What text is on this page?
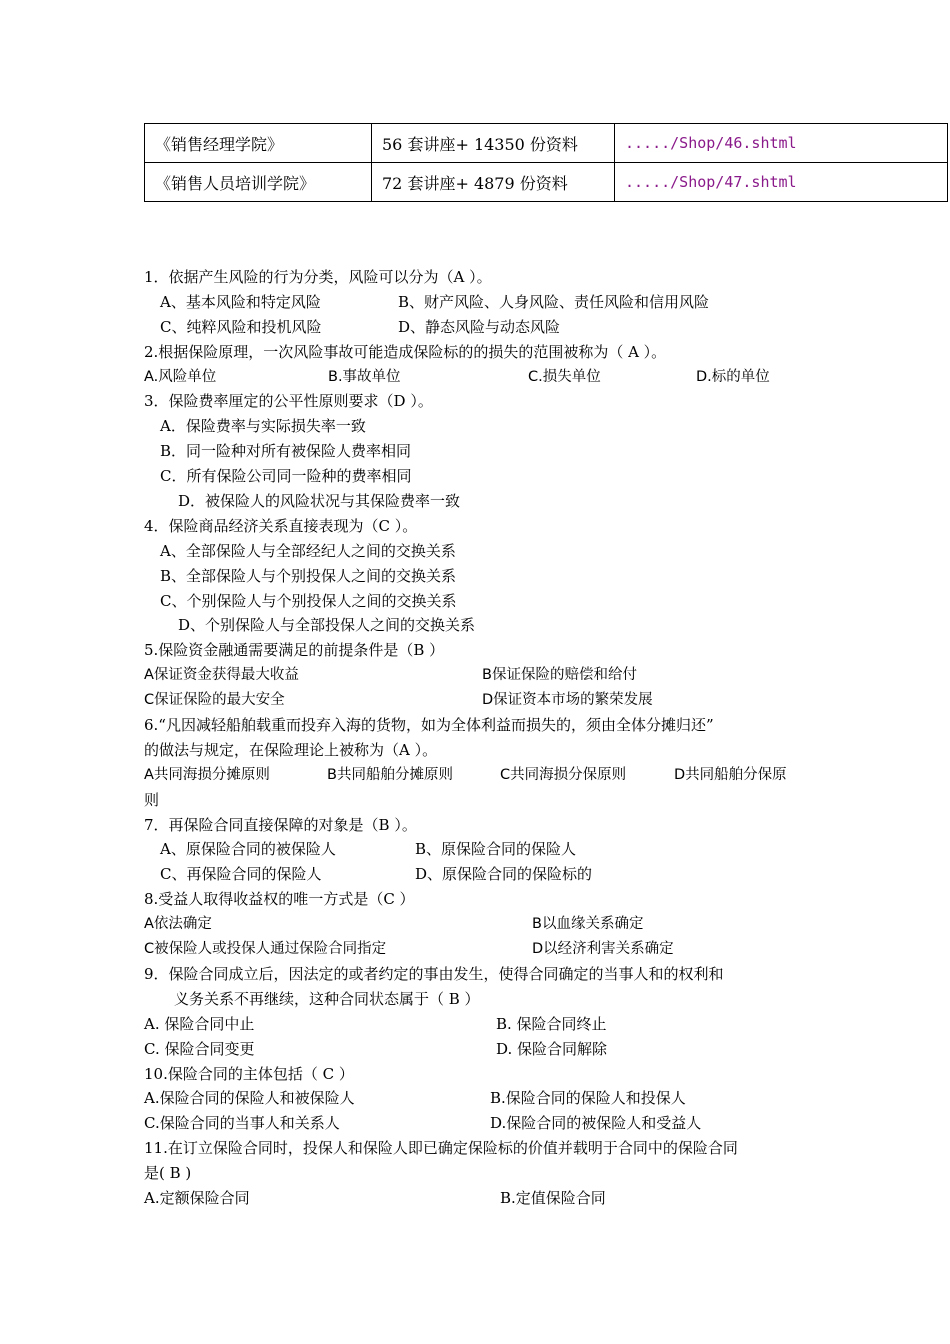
《销售经理学院》	56 套讲座+ 14350 份资料	...../Shop/46.shtml
《销售人员培训学院》	72 套讲座+ 4879 份资料	...../Shop/47.shtml
1．依据产生风险的行为分类，风险可以分为（A ）。
A、基本风险和特定风险	B、财产风险、人身风险、责任风险和信用风险
C、纯粹风险和投机风险	D、静态风险与动态风险
2.根据保险原理，一次风险事故可能造成保险标的的损失的范围被称为（ A ）。
A.风险单位	B.事故单位	C.损失单位	D.标的单位
3．保险费率厘定的公平性原则要求（D ）。
A．保险费率与实际损失率一致
B．同一险种对所有被保险人费率相同
C．所有保险公司同一险种的费率相同
D．被保险人的风险状况与其保险费率一致
4．保险商品经济关系直接表现为（C ）。
A、全部保险人与全部经纪人之间的交换关系
B、全部保险人与个别投保人之间的交换关系
C、个别保险人与个别投保人之间的交换关系
D、个别保险人与全部投保人之间的交换关系
5.保险资金融通需要满足的前提条件是（B ）
A保证资金获得最大收益	B保证保险的赔偿和给付
C保证保险的最大安全	D保证资本市场的繁荣发展
6.“凡因减轻船舶载重而投弃入海的货物，如为全体利益而损失的，须由全体分摊归还”
的做法与规定，在保险理论上被称为（A ）。
A共同海损分摊原则	B共同船舶分摊原则	C共同海损分保原则	D共同船舶分保原
则
7．再保险合同直接保障的对象是（B ）。
A、原保险合同的被保险人	B、原保险合同的保险人
C、再保险合同的保险人	D、原保险合同的保险标的
8.受益人取得收益权的唯一方式是（C ）
A依法确定	B以血缘关系确定
C被保险人或投保人通过保险合同指定	D以经济利害关系确定
9．保险合同成立后，因法定的或者约定的事由发生，使得合同确定的当事人和的权利和
义务关系不再继续，这种合同状态属于（ B ）
A. 保险合同中止	B. 保险合同终止
C. 保险合同变更	D. 保险合同解除
10.保险合同的主体包括（ C ）
A.保险合同的保险人和被保险人	B.保险合同的保险人和投保人
C.保险合同的当事人和关系人	D.保险合同的被保险人和受益人
11.在订立保险合同时，投保人和保险人即已确定保险标的价值并载明于合同中的保险合同
是( B )
A.定额保险合同	B.定值保险合同
